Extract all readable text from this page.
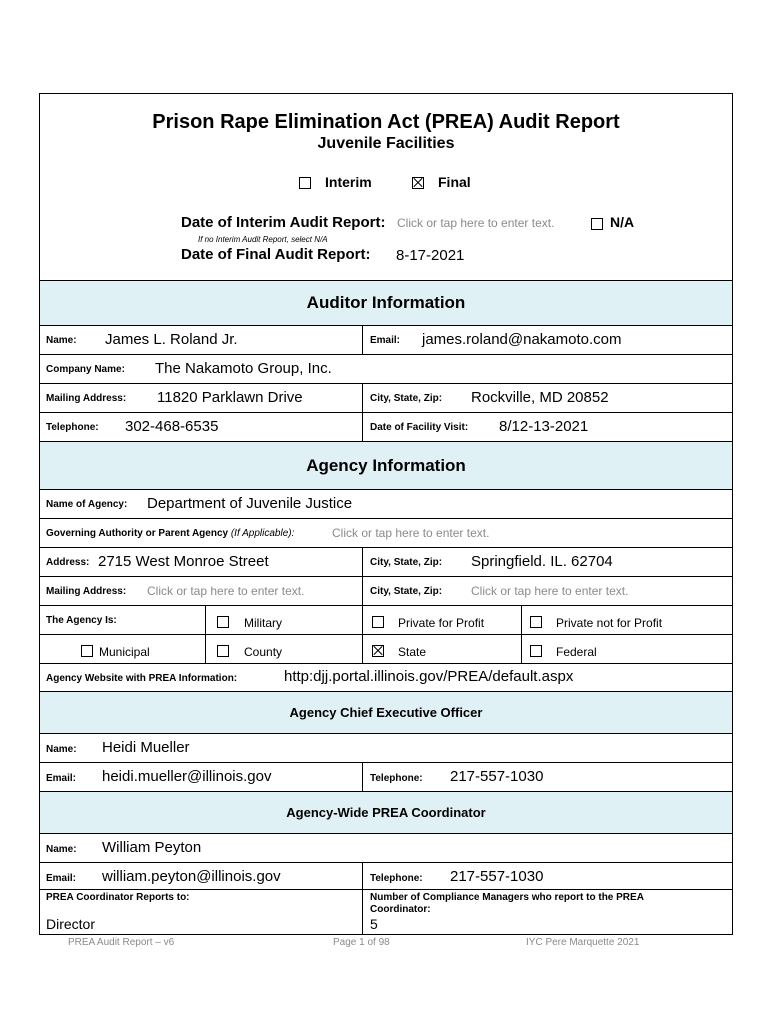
Prison Rape Elimination Act (PREA) Audit Report
Juvenile Facilities
Interim	Final
Date of Interim Audit Report: Click or tap here to enter text.	N/A
If no Interim Audit Report, select N/A
Date of Final Audit Report: 8-17-2021
Auditor Information
Name: James L. Roland Jr.	Email: james.roland@nakamoto.com
Company Name: The Nakamoto Group, Inc.
Mailing Address: 11820 Parklawn Drive	City, State, Zip: Rockville, MD 20852
Telephone: 302-468-6535	Date of Facility Visit: 8/12-13-2021
Agency Information
Name of Agency: Department of Juvenile Justice
Governing Authority or Parent Agency (If Applicable):	Click or tap here to enter text.
Address: 2715 West Monroe Street	City, State, Zip: Springfield. IL. 62704
Mailing Address: Click or tap here to enter text.	City, State, Zip: Click or tap here to enter text.
The Agency Is:	Military	Private for Profit	Private not for Profit
Municipal	County	State	Federal
Agency Website with PREA Information:	http:djj.portal.illinois.gov/PREA/default.aspx
Agency Chief Executive Officer
Name: Heidi Mueller
Email: heidi.mueller@illinois.gov	Telephone: 217-557-1030
Agency-Wide PREA Coordinator
Name: William Peyton
Email: william.peyton@illinois.gov	Telephone: 217-557-1030
PREA Coordinator Reports to:
Director
Number of Compliance Managers who report to the PREA Coordinator:
5
PREA Audit Report – v6	Page 1 of 98	IYC Pere Marquette 2021
